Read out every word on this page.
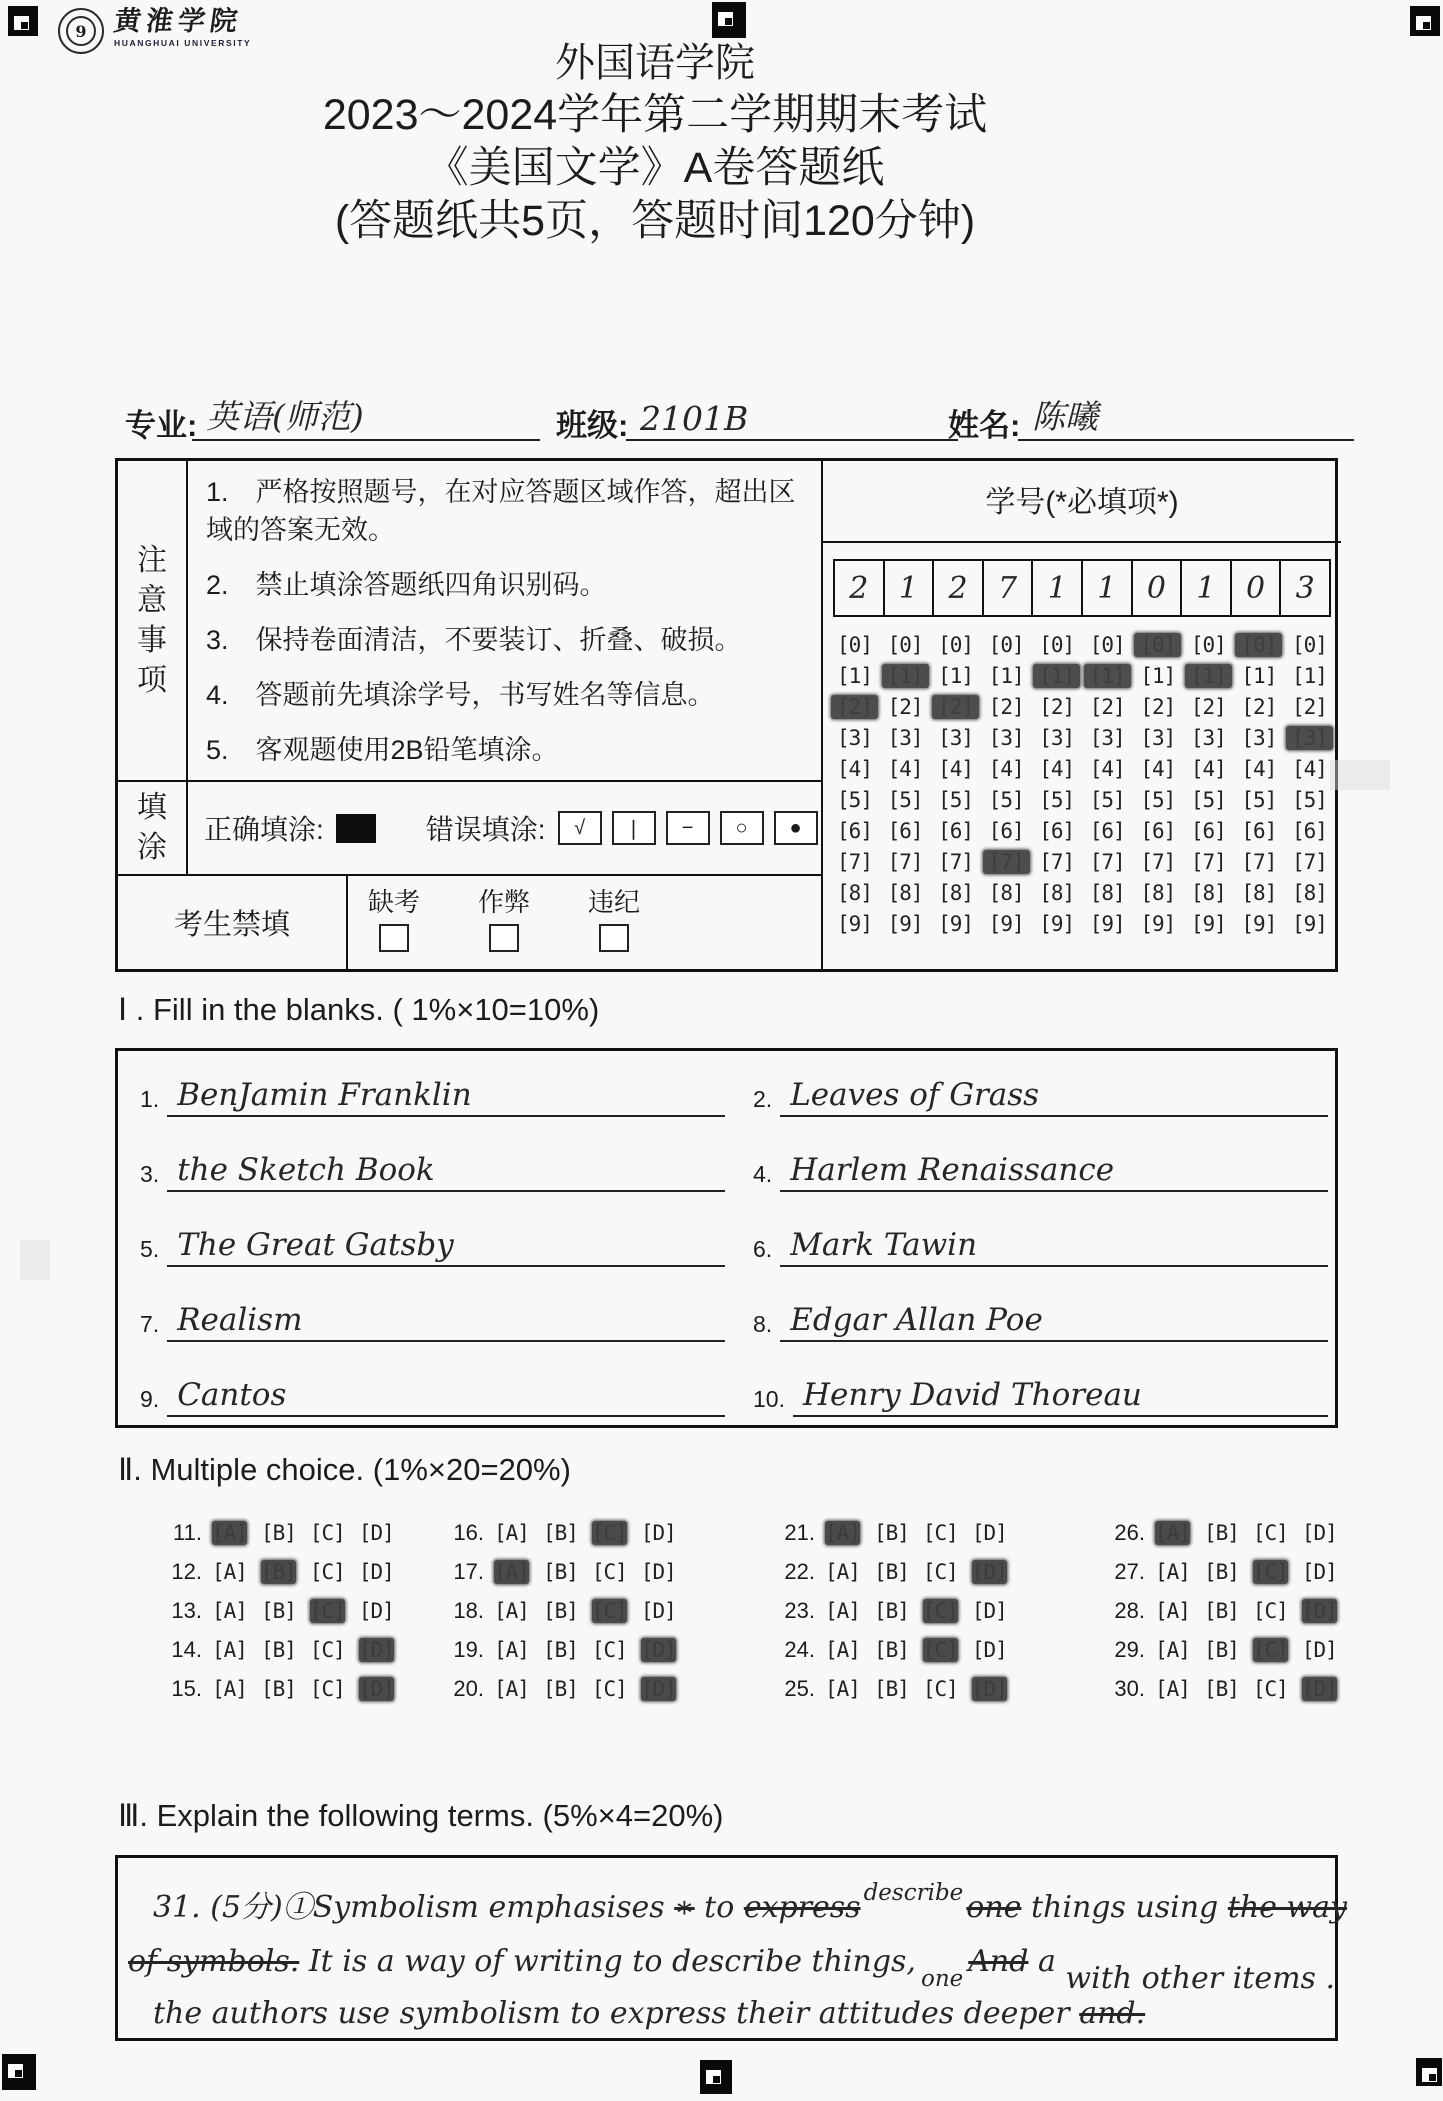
9 黄淮学院
HUANGHUAI UNIVERSITY	外国语学院
2023～2024学年第二学期期末考试
《美国文学》A卷答题纸
(答题纸共5页，答题时间120分钟)
专业: 英语(师范)	班级: 2101B	姓名: 陈曦
注意事项
1.　严格按照题号，在对应答题区域作答，超出区域的答案无效。
2.　禁止填涂答题纸四角识别码。
3.　保持卷面清洁，不要装订、折叠、破损。
4.　答题前先填涂学号，书写姓名等信息。
5.　客观题使用2B铅笔填涂。
填涂
正确填涂:	错误填涂:	√	❘	−	○	●
考生禁填
缺考 作弊 违纪
学号(*必填项*)
2 1 2 7 1 1 0 1 0 3
[0] [0] [0] [0] [0] [0] [0] [0] [0] [0]
[1] [1] [1] [1] [1] [1] [1] [1] [1] [1]
[2] [2] [2] [2] [2] [2] [2] [2] [2] [2]
[3] [3] [3] [3] [3] [3] [3] [3] [3] [3]
[4] [4] [4] [4] [4] [4] [4] [4] [4] [4]
[5] [5] [5] [5] [5] [5] [5] [5] [5] [5]
[6] [6] [6] [6] [6] [6] [6] [6] [6] [6]
[7] [7] [7] [7] [7] [7] [7] [7] [7] [7]
[8] [8] [8] [8] [8] [8] [8] [8] [8] [8]
[9] [9] [9] [9] [9] [9] [9] [9] [9] [9]
Ⅰ . Fill in the blanks. ( 1%×10=10%)
1. BenJamin Franklin	2. Leaves of Grass
3. the Sketch Book	4. Harlem Renaissance
5. The Great Gatsby	6. Mark Tawin
7. Realism	8. Edgar Allan Poe
9. Cantos	10. Henry David Thoreau
Ⅱ. Multiple choice. (1%×20=20%)
11. [A] [B] [C] [D]
12. [A] [B] [C] [D]
13. [A] [B] [C] [D]
14. [A] [B] [C] [D]
15. [A] [B] [C] [D]
16. [A] [B] [C] [D]
17. [A] [B] [C] [D]
18. [A] [B] [C] [D]
19. [A] [B] [C] [D]
20. [A] [B] [C] [D]
21. [A] [B] [C] [D]
22. [A] [B] [C] [D]
23. [A] [B] [C] [D]
24. [A] [B] [C] [D]
25. [A] [B] [C] [D]
26. [A] [B] [C] [D]
27. [A] [B] [C] [D]
28. [A] [B] [C] [D]
29. [A] [B] [C] [D]
30. [A] [B] [C] [D]
Ⅲ. Explain the following terms. (5%×4=20%)
31. (5分)①Symbolism emphasises ∗ to express $^{describe}$ one things using the way
of symbols. It is a way of writing to describe things, $_{one}$ And a with other items .
the authors use symbolism to express their attitudes deeper and.
